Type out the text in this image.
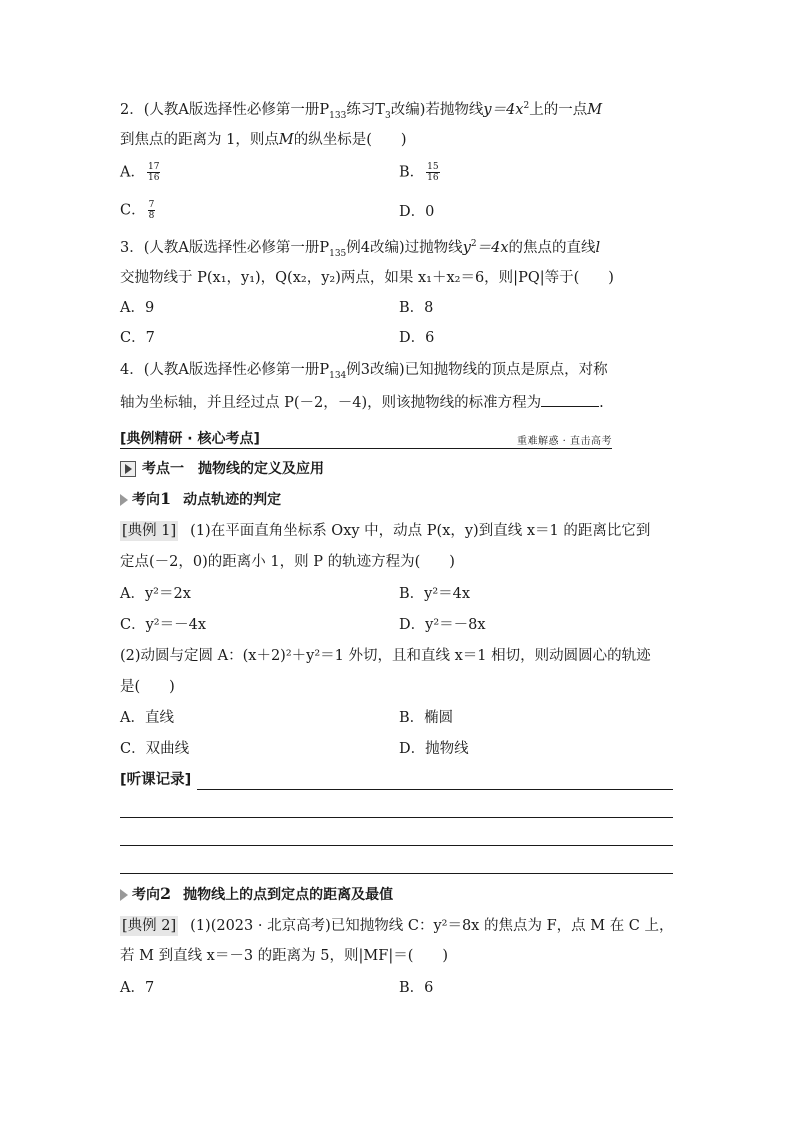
2．(人教A版选择性必修第一册$P_{133}$练习$T_3$改编)若抛物线$y=4x^2$上的一点M
到焦点的距离为 1，则点M的纵坐标是(　　)
A． $\frac{17}{16}$	B． $\frac{15}{16}$
C． $\frac{7}{8}$	D．0
3．(人教A版选择性必修第一册$P_{135}$例4改编)过抛物线$y^2=4x$的焦点的直线l
交抛物线于 P(x₁，y₁)，Q(x₂，y₂)两点，如果 x₁＋x₂＝6，则|PQ|等于(　　)
A．9	B．8
C．7	D．6
4．(人教A版选择性必修第一册$P_{134}$例3改编)已知抛物线的顶点是原点，对称
轴为坐标轴，并且经过点 P(－2，－4)，则该抛物线的标准方程为	.
[典例精研 · 核心考点]	重难解惑 · 直击高考
考点一 抛物线的定义及应用
考向1 动点轨迹的判定
[典例 1] (1)在平面直角坐标系 Oxy 中，动点 P(x，y)到直线 x＝1 的距离比它到
定点(－2，0)的距离小 1，则 P 的轨迹方程为(　　)
A．y²＝2x	B．y²＝4x
C．y²＝－4x	D．y²＝－8x
(2)动圆与定圆 A：(x＋2)²＋y²＝1 外切，且和直线 x＝1 相切，则动圆圆心的轨迹
是(　　)
A．直线	B．椭圆
C．双曲线	D．抛物线
[听课记录]
考向2 抛物线上的点到定点的距离及最值
[典例 2] (1)(2023 · 北京高考)已知抛物线 C：y²＝8x 的焦点为 F，点 M 在 C 上，
若 M 到直线 x＝－3 的距离为 5，则|MF|＝(　　)
A．7	B．6
